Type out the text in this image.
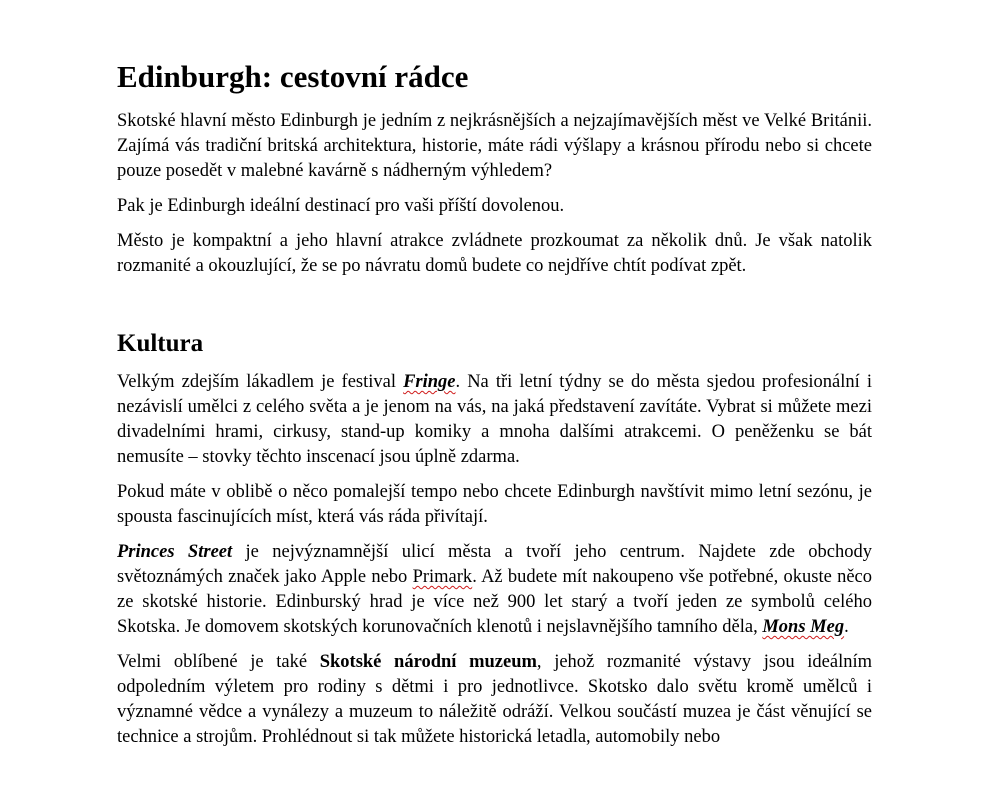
Edinburgh: cestovní rádce

Skotské hlavní město Edinburgh je jedním z nejkrásnějších a nejzajímavějších měst ve Velké Británii. Zajímá vás tradiční britská architektura, historie, máte rádi výšlapy a krásnou přírodu nebo si chcete pouze posedět v malebné kavárně s nádherným výhledem?

Pak je Edinburgh ideální destinací pro vaši příští dovolenou.

Město je kompaktní a jeho hlavní atrakce zvládnete prozkoumat za několik dnů. Je však natolik rozmanité a okouzlující, že se po návratu domů budete co nejdříve chtít podívat zpět.

Kultura

Velkým zdejším lákadlem je festival Fringe. Na tři letní týdny se do města sjedou profesionální i nezávislí umělci z celého světa a je jenom na vás, na jaká představení zavítáte. Vybrat si můžete mezi divadelními hrami, cirkusy, stand-up komiky a mnoha dalšími atrakcemi. O peněženku se bát nemusíte – stovky těchto inscenací jsou úplně zdarma.

Pokud máte v oblibě o něco pomalejší tempo nebo chcete Edinburgh navštívit mimo letní sezónu, je spousta fascinujících míst, která vás ráda přivítají.

Princes Street je nejvýznamnější ulicí města a tvoří jeho centrum. Najdete zde obchody světoznámých značek jako Apple nebo Primark. Až budete mít nakoupeno vše potřebné, okuste něco ze skotské historie. Edinburský hrad je více než 900 let starý a tvoří jeden ze symbolů celého Skotska. Je domovem skotských korunovačních klenotů i nejslavnějšího tamního děla, Mons Meg.

Velmi oblíbené je také Skotské národní muzeum, jehož rozmanité výstavy jsou ideálním odpoledním výletem pro rodiny s dětmi i pro jednotlivce. Skotsko dalo světu kromě umělců i významné vědce a vynálezy a muzeum to náležitě odráží. Velkou součástí muzea je část věnující se technice a strojům. Prohlédnout si tak můžete historická letadla, automobily nebo
